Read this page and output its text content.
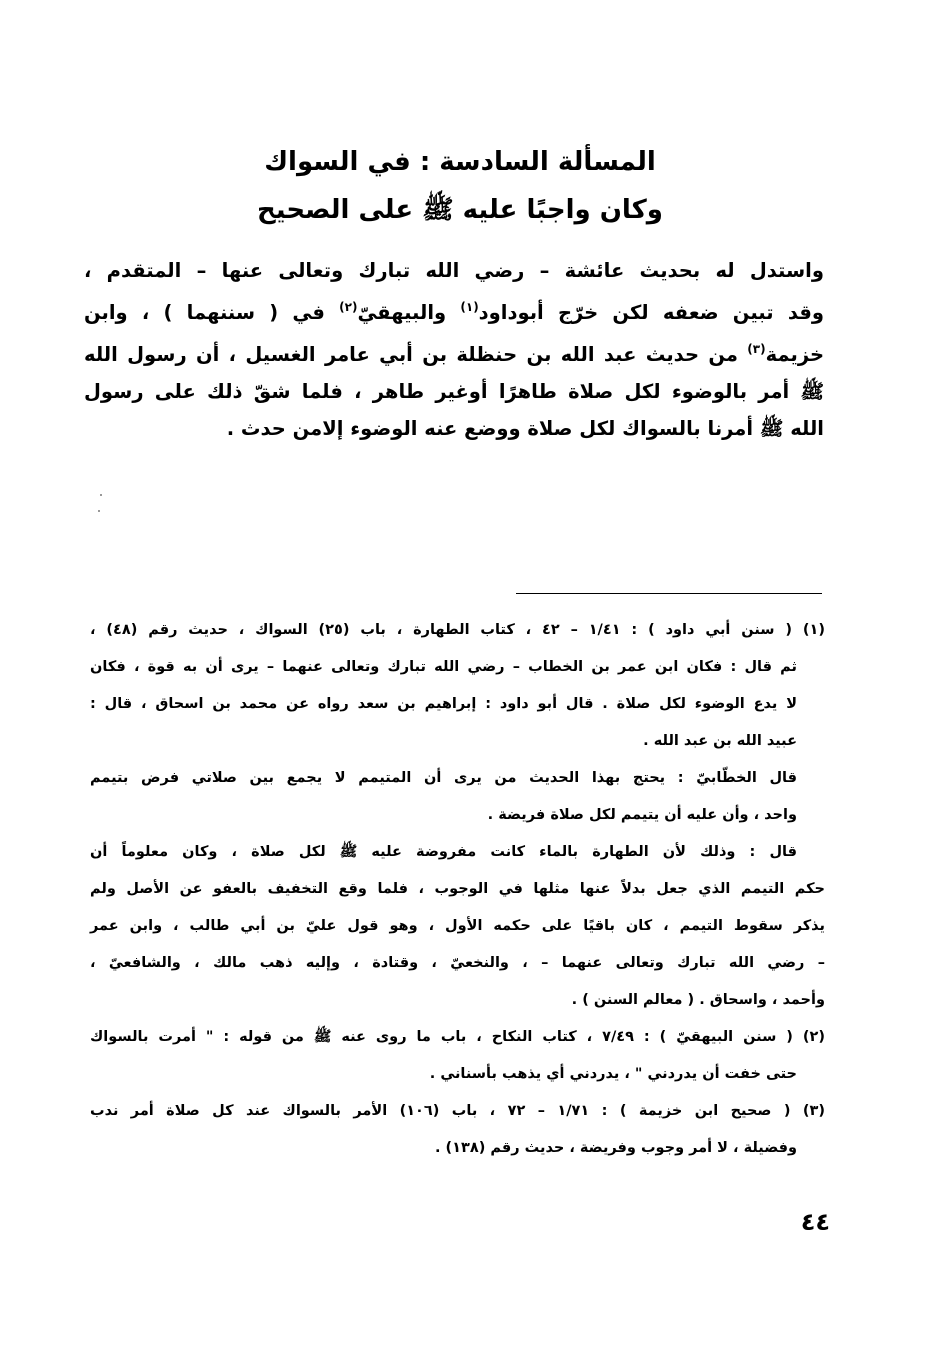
المسألة السادسة : في السواك
وكان واجبًا عليه ﷺ على الصحيح
واستدل له بحديث عائشة – رضي الله تبارك وتعالى عنها – المتقدم ،
وقد تبين ضعفه لكن خرّج أبوداود$^{(١)}$ والبيهقيّ$^{(٢)}$ في ( سننهما ) ، وابن
خزيمة$^{(٣)}$ من حديث عبد الله بن حنظلة بن أبي عامر الغسيل ، أن رسول الله
ﷺ أمر بالوضوء لكل صلاة طاهرًا أوغير طاهر ، فلما شقّ ذلك على رسول
الله ﷺ أمرنا بالسواك لكل صلاة ووضع عنه الوضوء إلامن حدث .
(١) ( سنن أبي داود ) : ١/٤١ – ٤٢ ، كتاب الطهارة ، باب (٢٥) السواك ، حديث رقم (٤٨) ،
ثم قال : فكان ابن عمر بن الخطاب – رضي الله تبارك وتعالى عنهما – يرى أن به قوة ، فكان
لا يدع الوضوء لكل صلاة . قال أبو داود : إبراهيم بن سعد رواه عن محمد بن اسحاق ، قال :
عبيد الله بن عبد الله .
قال الخطّابيّ : يحتج بهذا الحديث من يرى أن المتيمم لا يجمع بين صلاتي فرض بتيمم
واحد ، وأن عليه أن يتيمم لكل صلاة فريضة .
قال : وذلك لأن الطهارة بالماء كانت مفروضة عليه ﷺ لكل صلاة ، وكان معلوماً أن
حكم التيمم الذي جعل بدلاً عنها مثلها في الوجوب ، فلما وقع التخفيف بالعفو عن الأصل ولم
يذكر سقوط التيمم ، كان باقيًا على حكمه الأول ، وهو قول عليّ بن أبي طالب ، وابن عمر
– رضي الله تبارك وتعالى عنهما – ، والنخعيّ ، وقتادة ، وإليه ذهب مالك ، والشافعيّ ،
وأحمد ، واسحاق . ( معالم السنن ) .
(٢) ( سنن البيهقيّ ) : ٧/٤٩ ، كتاب النكاح ، باب ما روى عنه ﷺ من قوله : " أمرت بالسواك
حتى خفت أن يدردني " ، يدردني أي يذهب بأسناني .
(٣) ( صحيح ابن خزيمة ) : ١/٧١ – ٧٢ ، باب (١٠٦) الأمر بالسواك عند كل صلاة أمر ندب
وفضيلة ، لا أمر وجوب وفريضة ، حديث رقم (١٣٨) .
٤٤
